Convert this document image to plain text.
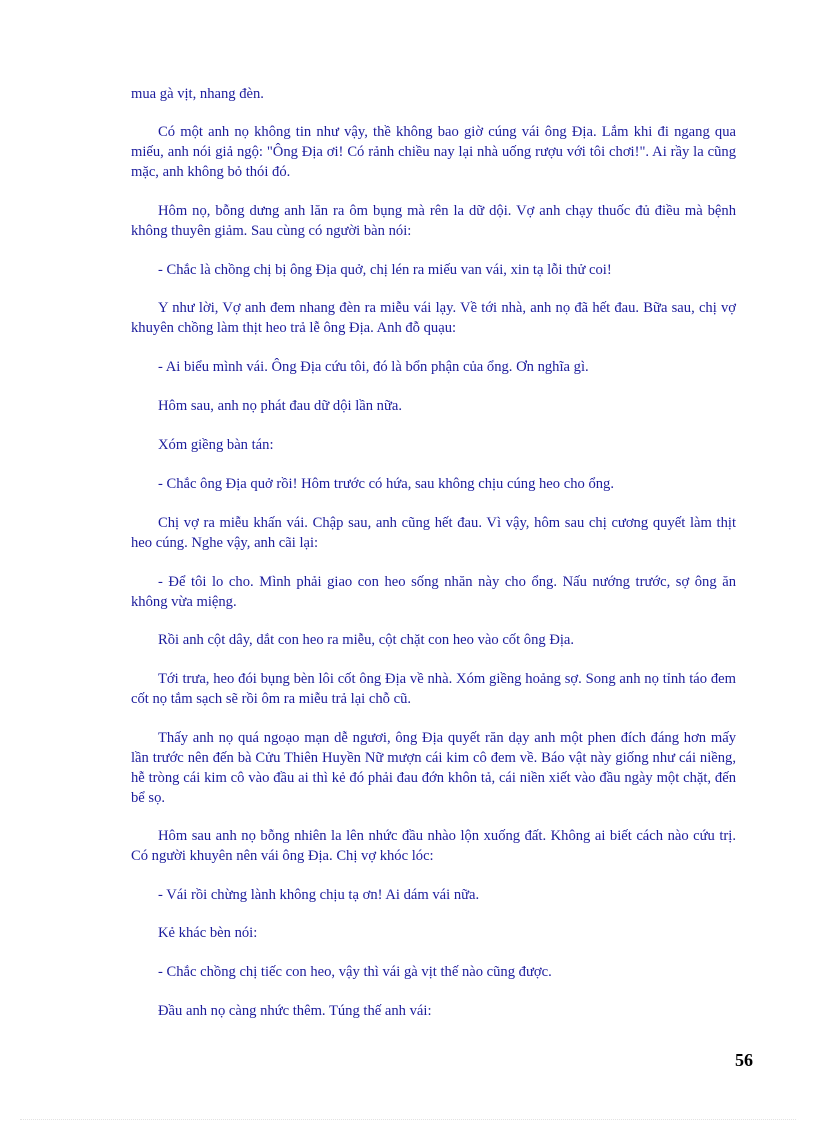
mua gà vịt, nhang đèn.

Có một anh nọ không tin như vậy, thề không bao giờ cúng vái ông Địa. Lắm khi đi ngang qua miếu, anh nói giả ngộ: "Ông Địa ơi! Có rảnh chiều nay lại nhà uống rượu với tôi chơi!". Ai rầy la cũng mặc, anh không bỏ thói đó.

Hôm nọ, bỗng dưng anh lăn ra ôm bụng mà rên la dữ dội. Vợ anh chạy thuốc đủ điều mà bệnh không thuyên giảm. Sau cùng có người bàn nói:

- Chắc là chồng chị bị ông Địa quở, chị lén ra miếu van vái, xin tạ lỗi thử coi!

Y như lời, Vợ anh đem nhang đèn ra miễu vái lạy. Về tới nhà, anh nọ đã hết đau. Bữa sau, chị vợ khuyên chồng làm thịt heo trả lễ ông Địa. Anh đỗ quạu:

- Ai biểu mình vái. Ông Địa cứu tôi, đó là bổn phận của ổng. Ơn nghĩa gì.

Hôm sau, anh nọ phát đau dữ dội lần nữa.

Xóm giềng bàn tán:

- Chắc ông Địa quở rồi! Hôm trước có hứa, sau không chịu cúng heo cho ổng.

Chị vợ ra miễu khấn vái. Chập sau, anh cũng hết đau. Vì vậy, hôm sau chị cương quyết làm thịt heo cúng. Nghe vậy, anh cãi lại:

- Để tôi lo cho. Mình phải giao con heo sống nhăn này cho ổng. Nấu nướng trước, sợ ông ăn không vừa miệng.

Rồi anh cột dây, dắt con heo ra miễu, cột chặt con heo vào cốt ông Địa.

Tới trưa, heo đói bụng bèn lôi cốt ông Địa về nhà. Xóm giềng hoảng sợ. Song anh nọ tỉnh táo đem cốt nọ tắm sạch sẽ rồi ôm ra miễu trả lại chỗ cũ.

Thấy anh nọ quá ngoạo mạn dễ ngươi, ông Địa quyết răn dạy anh một phen đích đáng hơn mấy lần trước nên đến bà Cửu Thiên Huyền Nữ mượn cái kim cô đem về. Báo vật này giống như cái niềng, hễ tròng cái kim cô vào đầu ai thì kẻ đó phải đau đớn khôn tả, cái niền xiết vào đầu ngày một chặt, đến bể sọ.

Hôm sau anh nọ bỗng nhiên la lên nhức đầu nhào lộn xuống đất. Không ai biết cách nào cứu trị. Có người khuyên nên vái ông Địa. Chị vợ khóc lóc:

- Vái rồi chừng lành không chịu tạ ơn! Ai dám vái nữa.

Kẻ khác bèn nói:

- Chắc chồng chị tiếc con heo, vậy thì vái gà vịt thế nào cũng được.

Đầu anh nọ càng nhức thêm. Túng thế anh vái:

56
